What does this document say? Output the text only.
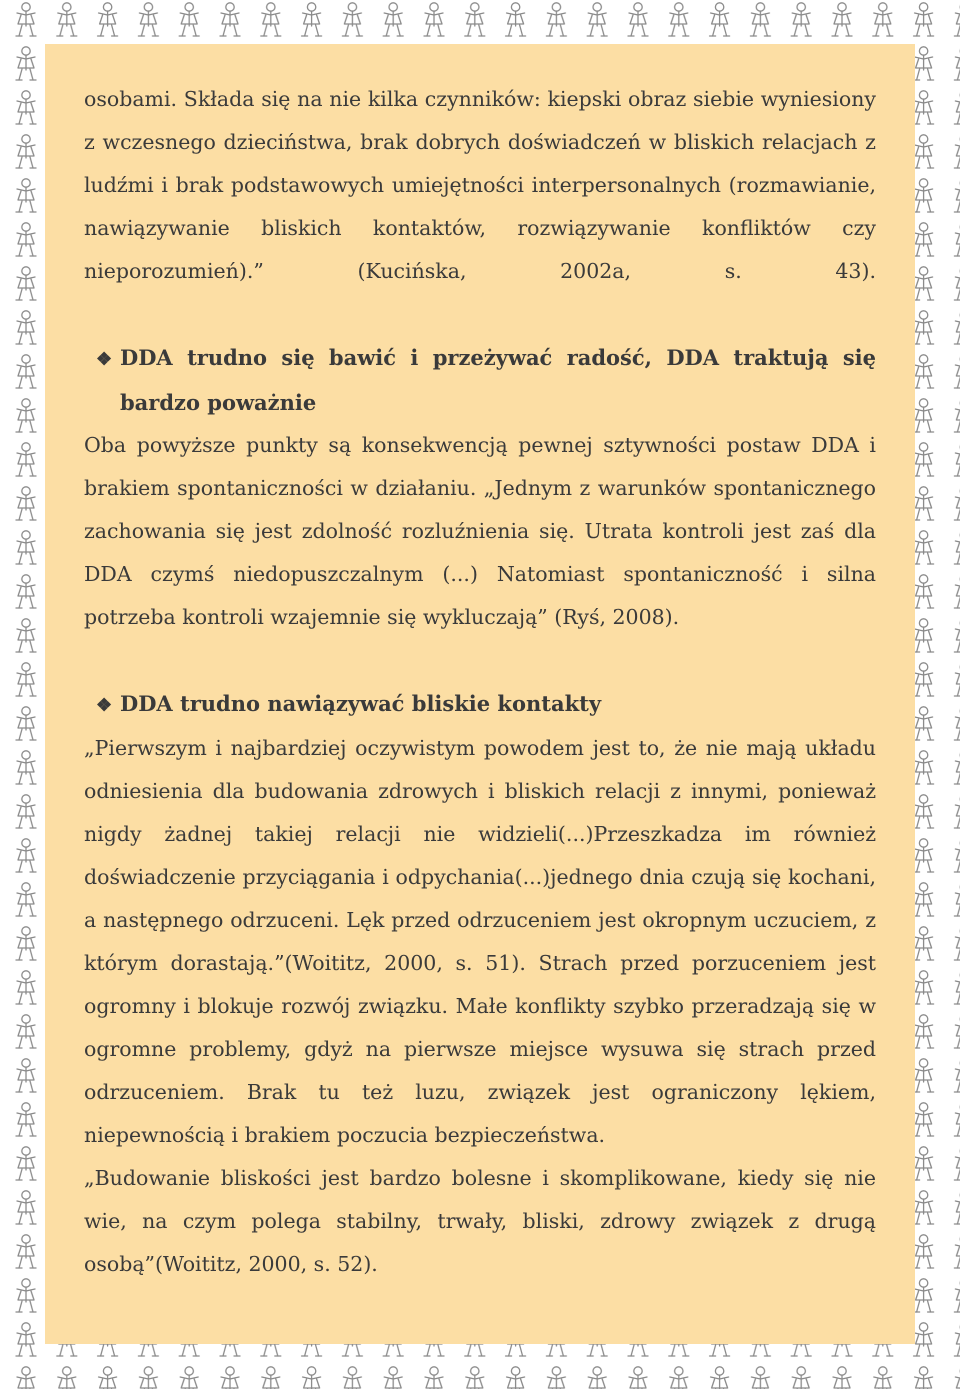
osobami. Składa się na nie kilka czynników: kiepski obraz siebie wyniesiony z wczesnego dzieciństwa, brak dobrych doświadczeń w bliskich relacjach z ludźmi i brak podstawowych umiejętności interpersonalnych (rozmawianie, nawiązywanie bliskich kontaktów, rozwiązywanie konfliktów czy nieporozumień).” (Kucińska, 2002a, s. 43).

❖ DDA trudno się bawić i przeżywać radość, DDA traktują się bardzo poważnie

Oba powyższe punkty są konsekwencją pewnej sztywności postaw DDA i brakiem spontaniczności w działaniu. „Jednym z warunków spontanicznego zachowania się jest zdolność rozluźnienia się. Utrata kontroli jest zaś dla DDA czymś niedopuszczalnym (...) Natomiast spontaniczność i silna potrzeba kontroli wzajemnie się wykluczają” (Ryś, 2008).

❖ DDA trudno nawiązywać bliskie kontakty

„Pierwszym i najbardziej oczywistym powodem jest to, że nie mają układu odniesienia dla budowania zdrowych i bliskich relacji z innymi, ponieważ nigdy żadnej takiej relacji nie widzieli(...)Przeszkadza im również doświadczenie przyciągania i odpychania(...)jednego dnia czują się kochani, a następnego odrzuceni. Lęk przed odrzuceniem jest okropnym uczuciem, z którym dorastają.”(Woititz, 2000, s. 51). Strach przed porzuceniem jest ogromny i blokuje rozwój związku. Małe konflikty szybko przeradzają się w ogromne problemy, gdyż na pierwsze miejsce wysuwa się strach przed odrzuceniem. Brak tu też luzu, związek jest ograniczony lękiem, niepewnością i brakiem poczucia bezpieczeństwa.

„Budowanie bliskości jest bardzo bolesne i skomplikowane, kiedy się nie wie, na czym polega stabilny, trwały, bliski, zdrowy związek z drugą osobą”(Woititz, 2000, s. 52).
